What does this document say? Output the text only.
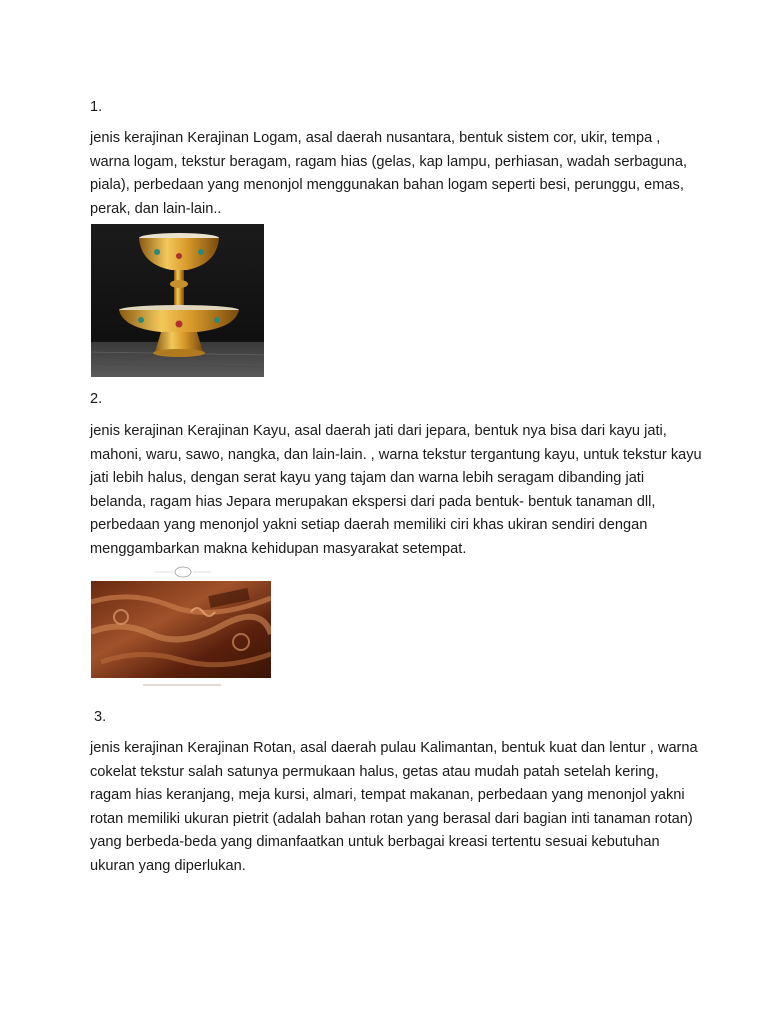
1.
jenis kerajinan Kerajinan Logam, asal daerah nusantara, bentuk sistem cor, ukir, tempa , warna logam, tekstur beragam, ragam hias (gelas, kap lampu, perhiasan, wadah serbaguna, piala), perbedaan yang menonjol menggunakan bahan logam seperti besi, perunggu, emas, perak, dan lain-lain..
2.
jenis kerajinan Kerajinan Kayu, asal daerah jati dari jepara, bentuk nya bisa dari kayu jati, mahoni, waru, sawo, nangka, dan lain-lain. , warna tekstur tergantung kayu, untuk tekstur kayu jati lebih halus, dengan serat kayu yang tajam dan warna lebih seragam dibanding jati belanda, ragam hias Jepara merupakan ekspersi dari pada bentuk- bentuk tanaman dll, perbedaan yang menonjol yakni setiap daerah memiliki ciri khas ukiran sendiri dengan menggambarkan makna kehidupan masyarakat setempat.
3.
jenis kerajinan Kerajinan Rotan, asal daerah pulau Kalimantan, bentuk kuat dan lentur , warna cokelat tekstur salah satunya permukaan halus, getas atau mudah patah setelah kering, ragam hias keranjang, meja kursi, almari, tempat makanan, perbedaan yang menonjol yakni rotan memiliki ukuran pietrit (adalah bahan rotan yang berasal dari bagian inti tanaman rotan) yang berbeda-beda yang dimanfaatkan untuk berbagai kreasi tertentu sesuai kebutuhan ukuran yang diperlukan.
